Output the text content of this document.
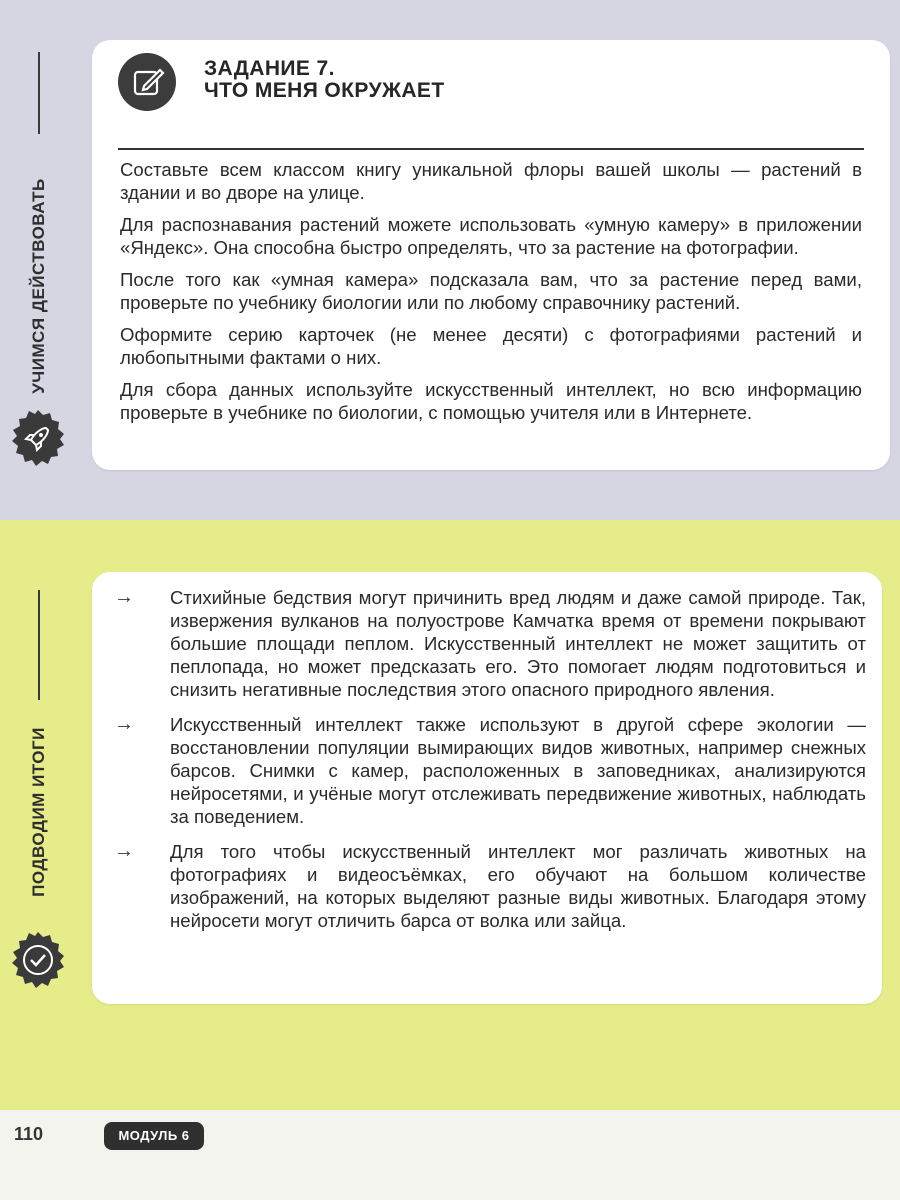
УЧИМСЯ ДЕЙСТВОВАТЬ
ПОДВОДИМ ИТОГИ
ЗАДАНИЕ 7.
ЧТО МЕНЯ ОКРУЖАЕТ

Составьте всем классом книгу уникальной флоры вашей школы — растений в здании и во дворе на улице.

Для распознавания растений можете использовать «умную камеру» в приложении «Яндекс». Она способна быстро определять, что за растение на фотографии.

После того как «умная камера» подсказала вам, что за растение перед вами, проверьте по учебнику биологии или по любому справочнику растений.

Оформите серию карточек (не менее десяти) с фотографиями растений и любопытными фактами о них.

Для сбора данных используйте искусственный интеллект, но всю информацию проверьте в учебнике по биологии, с помощью учителя или в Интернете.

→ Стихийные бедствия могут причинить вред людям и даже самой природе. Так, извержения вулканов на полуострове Камчатка время от времени покрывают большие площади пеплом. Искусственный интеллект не может защитить от пеплопада, но может предсказать его. Это помогает людям подготовиться и снизить негативные последствия этого опасного природного явления.
→ Искусственный интеллект также используют в другой сфере экологии — восстановлении популяции вымирающих видов животных, например снежных барсов. Снимки с камер, расположенных в заповедниках, анализируются нейросетями, и учёные могут отслеживать передвижение животных, наблюдать за поведением.
→ Для того чтобы искусственный интеллект мог различать животных на фотографиях и видеосъёмках, его обучают на большом количестве изображений, на которых выделяют разные виды животных. Благодаря этому нейросети могут отличить барса от волка или зайца.
110	МОДУЛЬ 6
